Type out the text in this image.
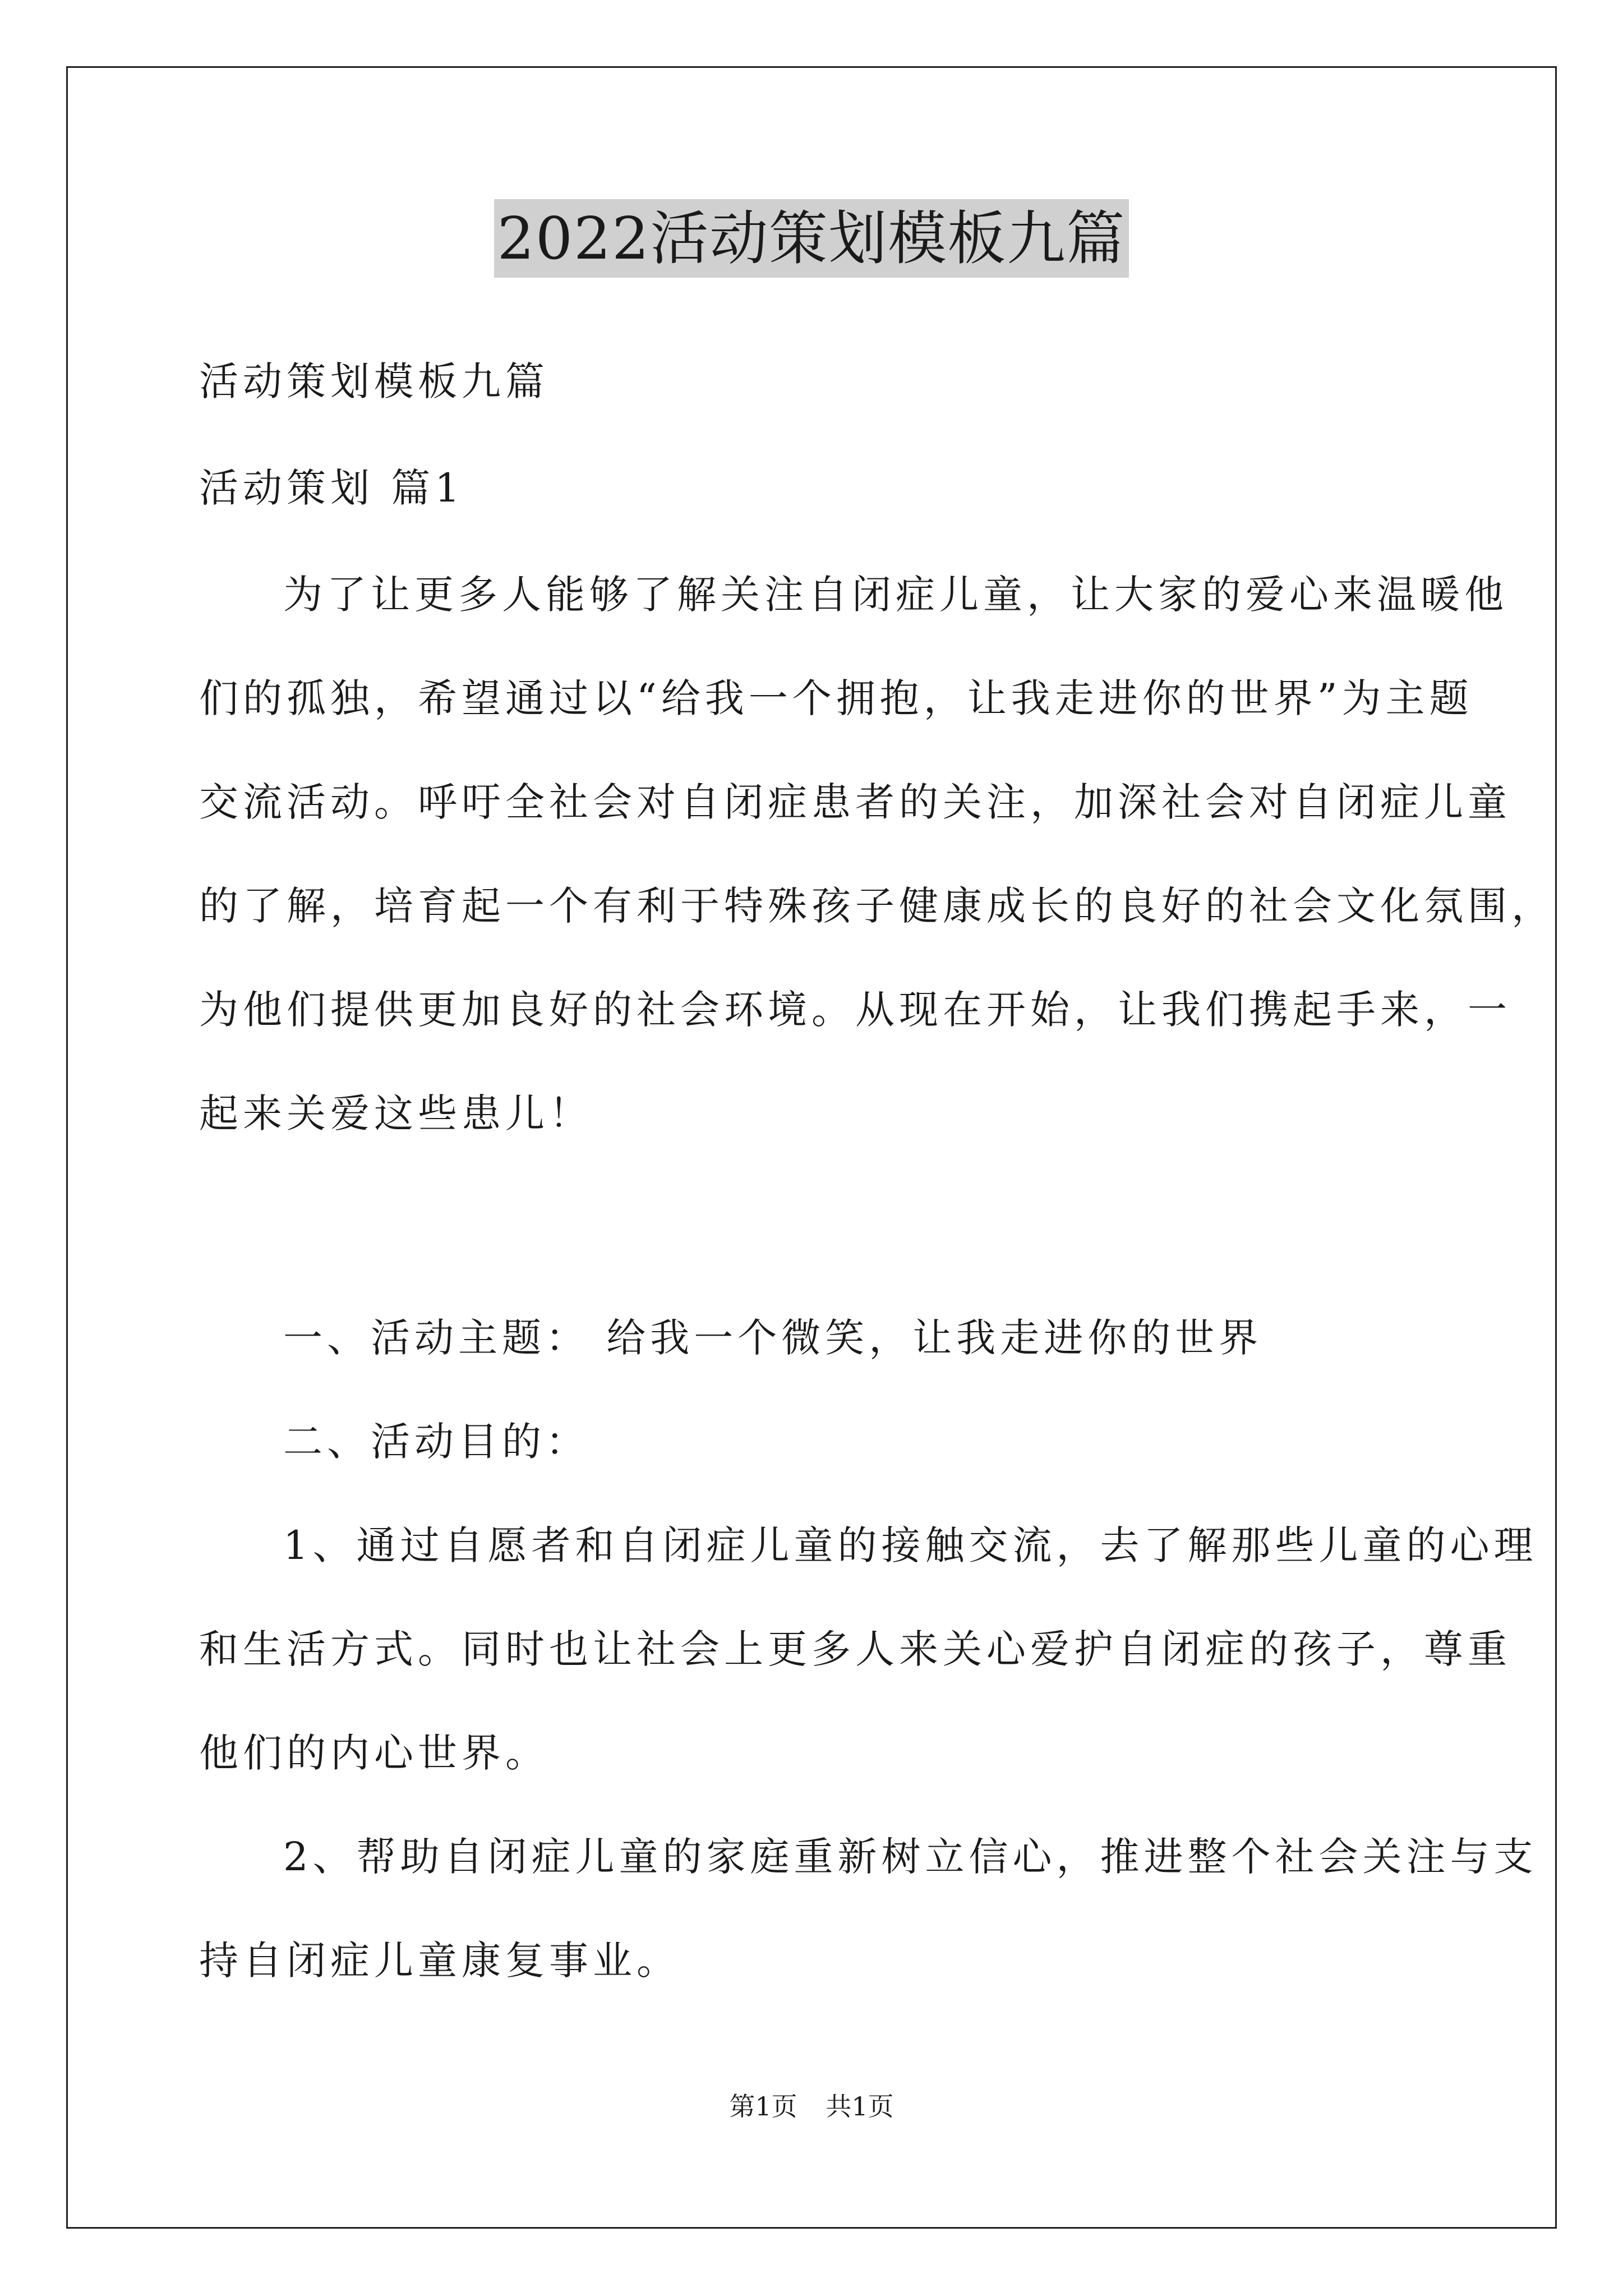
2022活动策划模板九篇
活动策划模板九篇
活动策划 篇1
为了让更多人能够了解关注自闭症儿童，让大家的爱心来温暖他
们的孤独，希望通过以“给我一个拥抱，让我走进你的世界”为主题
交流活动。呼吁全社会对自闭症患者的关注，加深社会对自闭症儿童
的了解，培育起一个有利于特殊孩子健康成长的良好的社会文化氛围，
为他们提供更加良好的社会环境。从现在开始，让我们携起手来，一
起来关爱这些患儿！
一、活动主题： 给我一个微笑，让我走进你的世界
二、活动目的：
1、通过自愿者和自闭症儿童的接触交流，去了解那些儿童的心理
和生活方式。同时也让社会上更多人来关心爱护自闭症的孩子，尊重
他们的内心世界。
2、帮助自闭症儿童的家庭重新树立信心，推进整个社会关注与支
持自闭症儿童康复事业。
第1页 共1页
